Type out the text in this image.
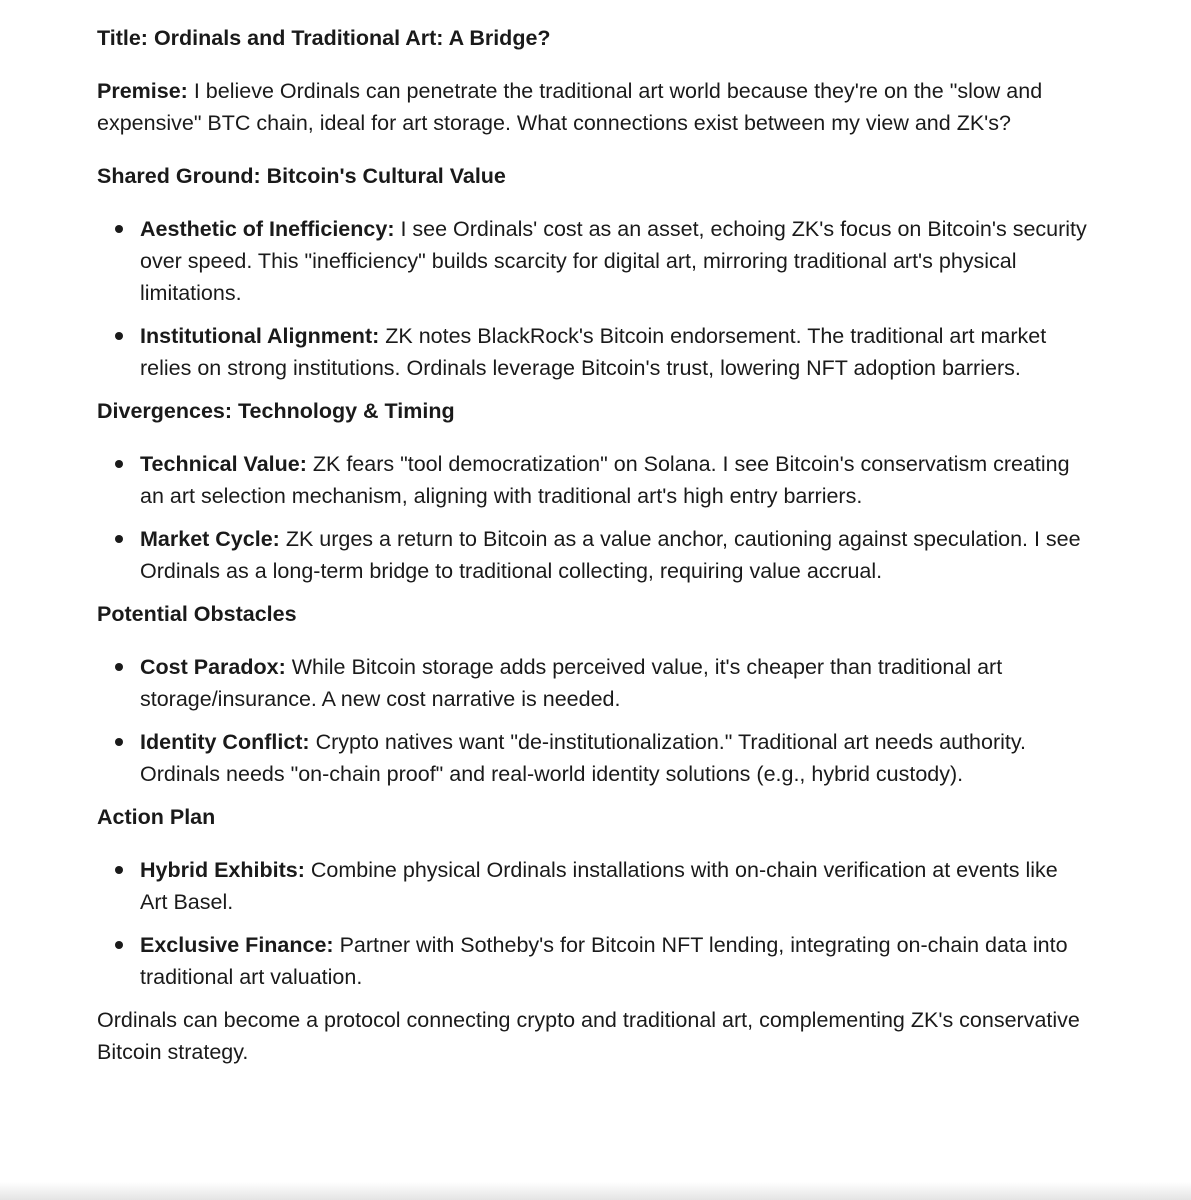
Title: Ordinals and Traditional Art: A Bridge?

Premise: I believe Ordinals can penetrate the traditional art world because they're on the "slow and expensive" BTC chain, ideal for art storage. What connections exist between my view and ZK's?

Shared Ground: Bitcoin's Cultural Value

Aesthetic of Inefficiency: I see Ordinals' cost as an asset, echoing ZK's focus on Bitcoin's security over speed. This "inefficiency" builds scarcity for digital art, mirroring traditional art's physical limitations.
Institutional Alignment: ZK notes BlackRock's Bitcoin endorsement. The traditional art market relies on strong institutions. Ordinals leverage Bitcoin's trust, lowering NFT adoption barriers.

Divergences: Technology & Timing

Technical Value: ZK fears "tool democratization" on Solana. I see Bitcoin's conservatism creating an art selection mechanism, aligning with traditional art's high entry barriers.
Market Cycle: ZK urges a return to Bitcoin as a value anchor, cautioning against speculation. I see Ordinals as a long-term bridge to traditional collecting, requiring value accrual.

Potential Obstacles

Cost Paradox: While Bitcoin storage adds perceived value, it's cheaper than traditional art storage/insurance. A new cost narrative is needed.
Identity Conflict: Crypto natives want "de-institutionalization." Traditional art needs authority. Ordinals needs "on-chain proof" and real-world identity solutions (e.g., hybrid custody).

Action Plan

Hybrid Exhibits: Combine physical Ordinals installations with on-chain verification at events like Art Basel.
Exclusive Finance: Partner with Sotheby's for Bitcoin NFT lending, integrating on-chain data into traditional art valuation.

Ordinals can become a protocol connecting crypto and traditional art, complementing ZK's conservative Bitcoin strategy.
